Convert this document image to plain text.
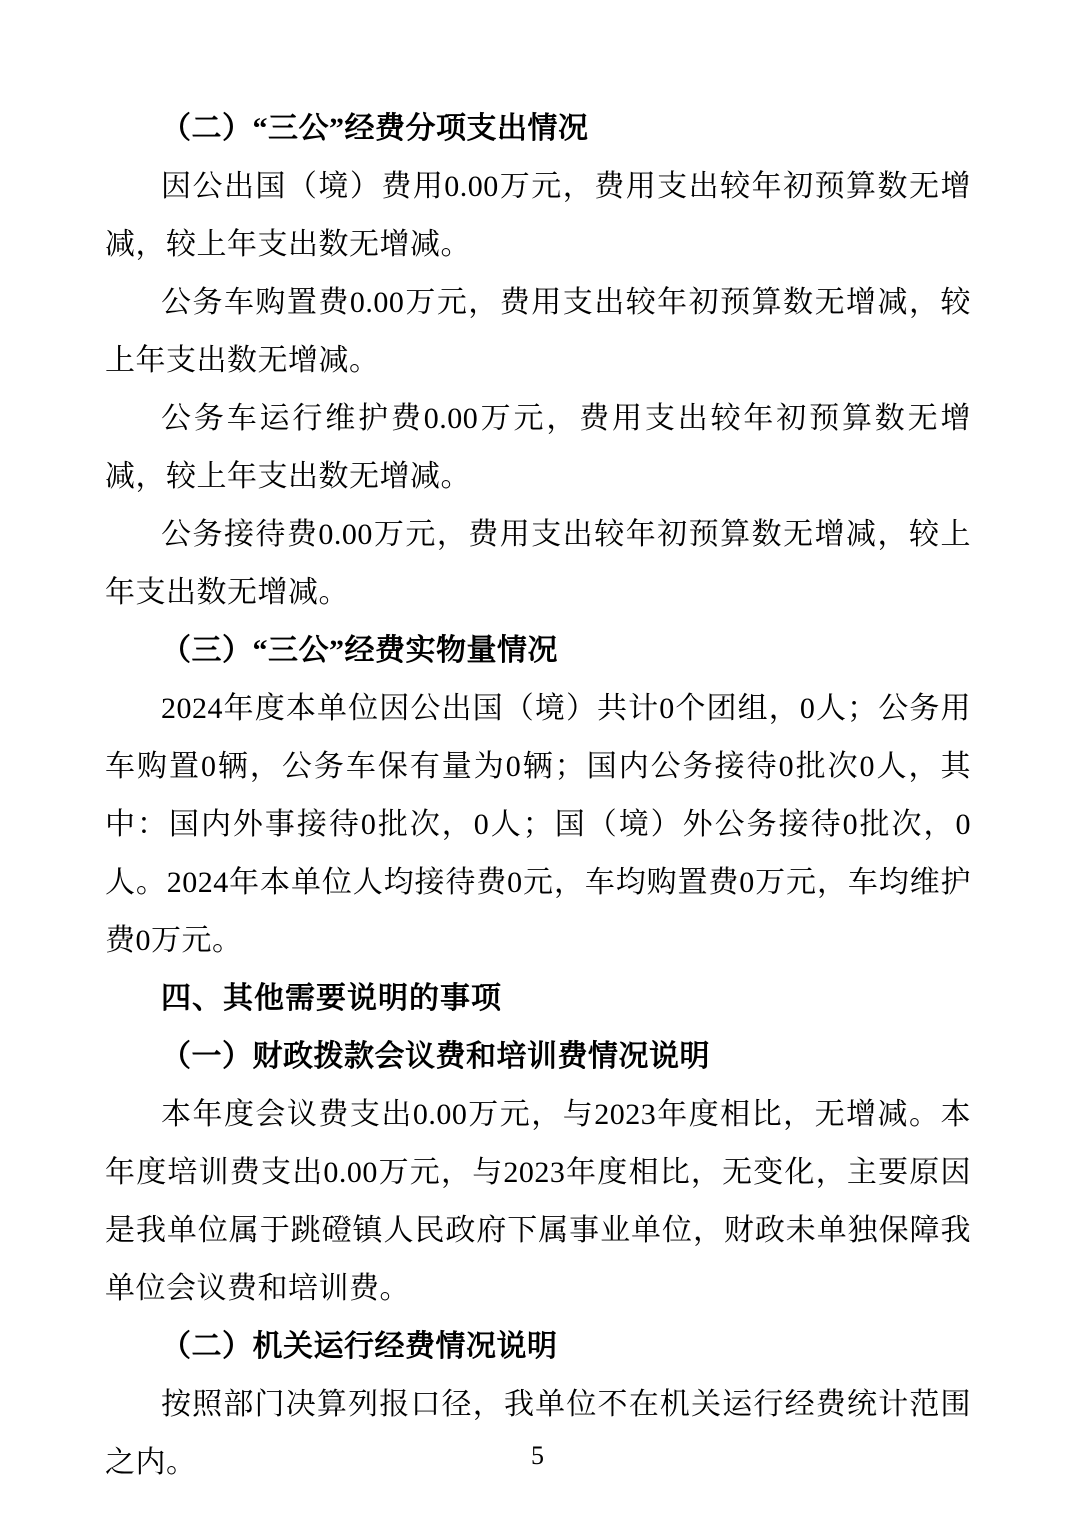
（二）“三公”经费分项支出情况

因公出国（境）费用0.00万元，费用支出较年初预算数无增减，较上年支出数无增减。

公务车购置费0.00万元，费用支出较年初预算数无增减，较上年支出数无增减。

公务车运行维护费0.00万元，费用支出较年初预算数无增减，较上年支出数无增减。

公务接待费0.00万元，费用支出较年初预算数无增减，较上年支出数无增减。

（三）“三公”经费实物量情况

2024年度本单位因公出国（境）共计0个团组，0人；公务用车购置0辆，公务车保有量为0辆；国内公务接待0批次0人，其中：国内外事接待0批次，0人；国（境）外公务接待0批次，0人。2024年本单位人均接待费0元，车均购置费0万元，车均维护费0万元。

四、其他需要说明的事项
（一）财政拨款会议费和培训费情况说明

本年度会议费支出0.00万元，与2023年度相比，无增减。本年度培训费支出0.00万元，与2023年度相比，无变化，主要原因是我单位属于跳磴镇人民政府下属事业单位，财政未单独保障我单位会议费和培训费。

（二）机关运行经费情况说明

按照部门决算列报口径，我单位不在机关运行经费统计范围之内。	5
